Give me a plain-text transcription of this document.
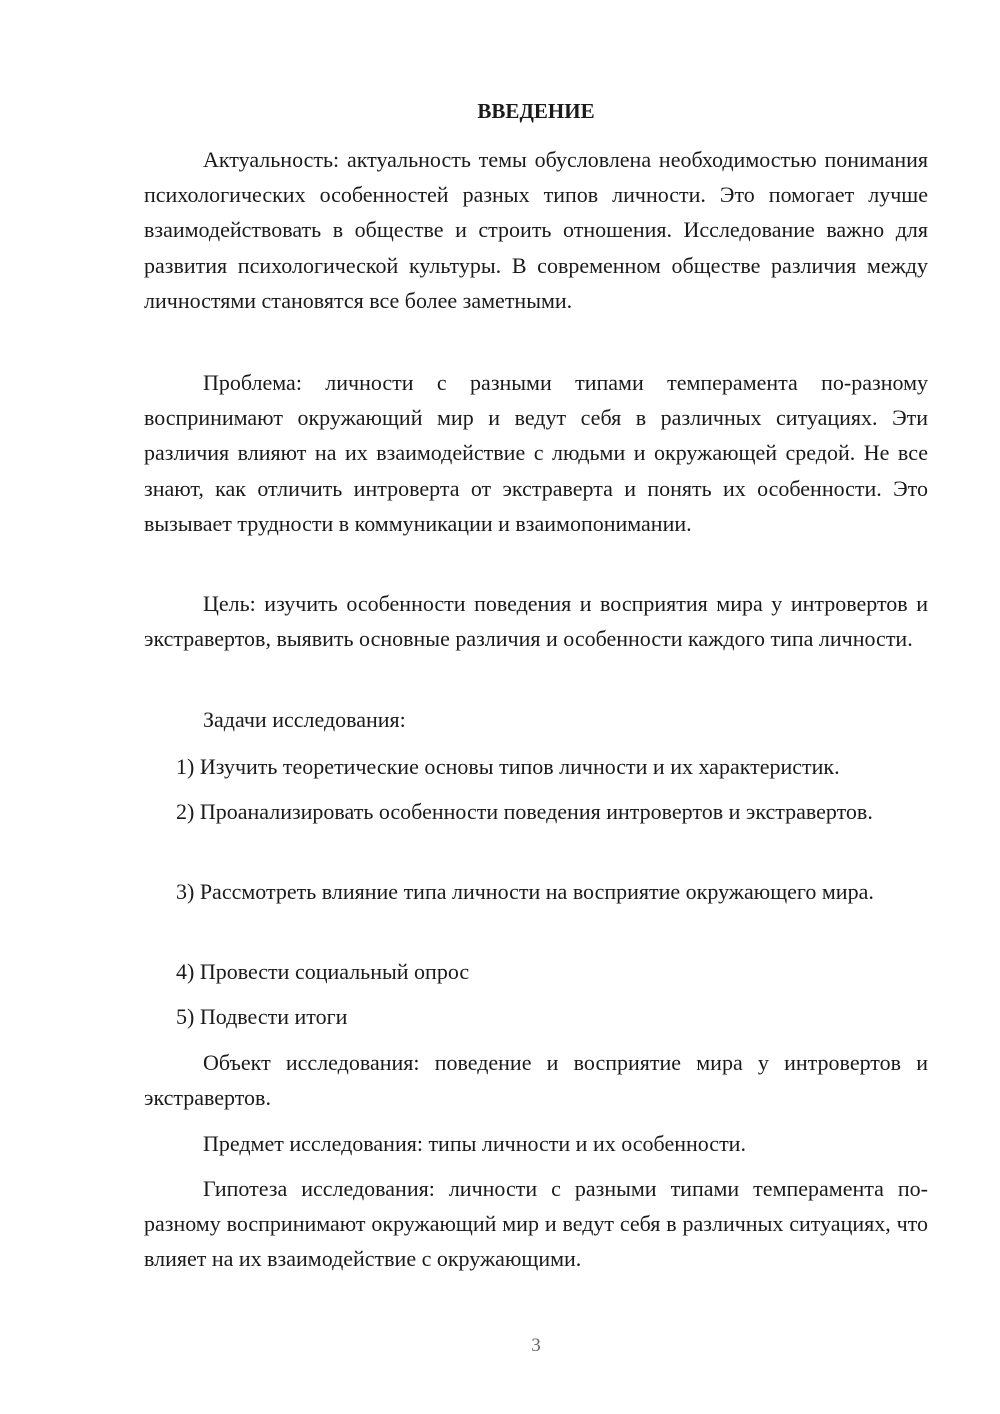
ВВЕДЕНИЕ

Актуальность: актуальность темы обусловлена необходимостью понимания психологических особенностей разных типов личности. Это помогает лучше взаимодействовать в обществе и строить отношения. Исследование важно для развития психологической культуры. В современном обществе различия между личностями становятся все более заметными.

Проблема: личности с разными типами темперамента по-разному воспринимают окружающий мир и ведут себя в различных ситуациях. Эти различия влияют на их взаимодействие с людьми и окружающей средой. Не все знают, как отличить интроверта от экстраверта и понять их особенности. Это вызывает трудности в коммуникации и взаимопонимании.

Цель: изучить особенности поведения и восприятия мира у интровертов и экстравертов, выявить основные различия и особенности каждого типа личности.

Задачи исследования:

1) Изучить теоретические основы типов личности и их характеристик.

2) Проанализировать особенности поведения интровертов и экстравертов.

3) Рассмотреть влияние типа личности на восприятие окружающего мира.

4) Провести социальный опрос

5) Подвести итоги

Объект исследования: поведение и восприятие мира у интровертов и экстравертов.

Предмет исследования: типы личности и их особенности.

Гипотеза исследования: личности с разными типами темперамента по-разному воспринимают окружающий мир и ведут себя в различных ситуациях, что влияет на их взаимодействие с окружающими.

3
